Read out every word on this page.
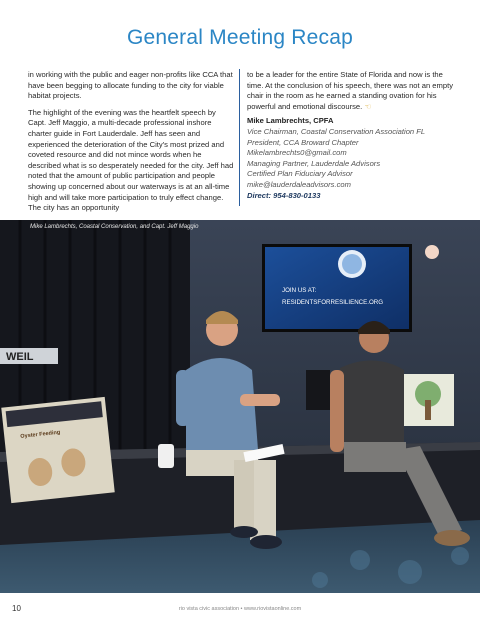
General Meeting Recap

in working with the public and eager non-profits like CCA that have been begging to allocate funding to the city for viable habitat projects.

The highlight of the evening was the heartfelt speech by Capt. Jeff Maggio, a multi-decade professional inshore charter guide in Fort Lauderdale. Jeff has seen and experienced the deterioration of the City's most prized and coveted resource and did not mince words when he described what is so desperately needed for the city. Jeff had noted that the amount of public participation and people showing up concerned about our waterways is at an all-time high and will take more participation to truly effect change. The city has an opportunity

to be a leader for the entire State of Florida and now is the time. At the conclusion of his speech, there was not an empty chair in the room as he earned a standing ovation for his powerful and emotional discourse. ☜

Mike Lambrechts, CPFA
Vice Chairman, Coastal Conservation Association FL
President, CCA Broward Chapter
Mikelambrechts0@gmail.com
Managing Partner, Lauderdale Advisors
Certified Plan Fiduciary Advisor
mike@lauderdaleadvisors.com
Direct: 954-830-0133
Mike Lambrechts, Coastal Conservation, and Capt. Jeff Maggio
WEIL
JOIN US AT:
RESIDENTSFORRESILIENCE.ORG
Oyster Feeding
10	rio vista civic association • www.riovistaonline.com
